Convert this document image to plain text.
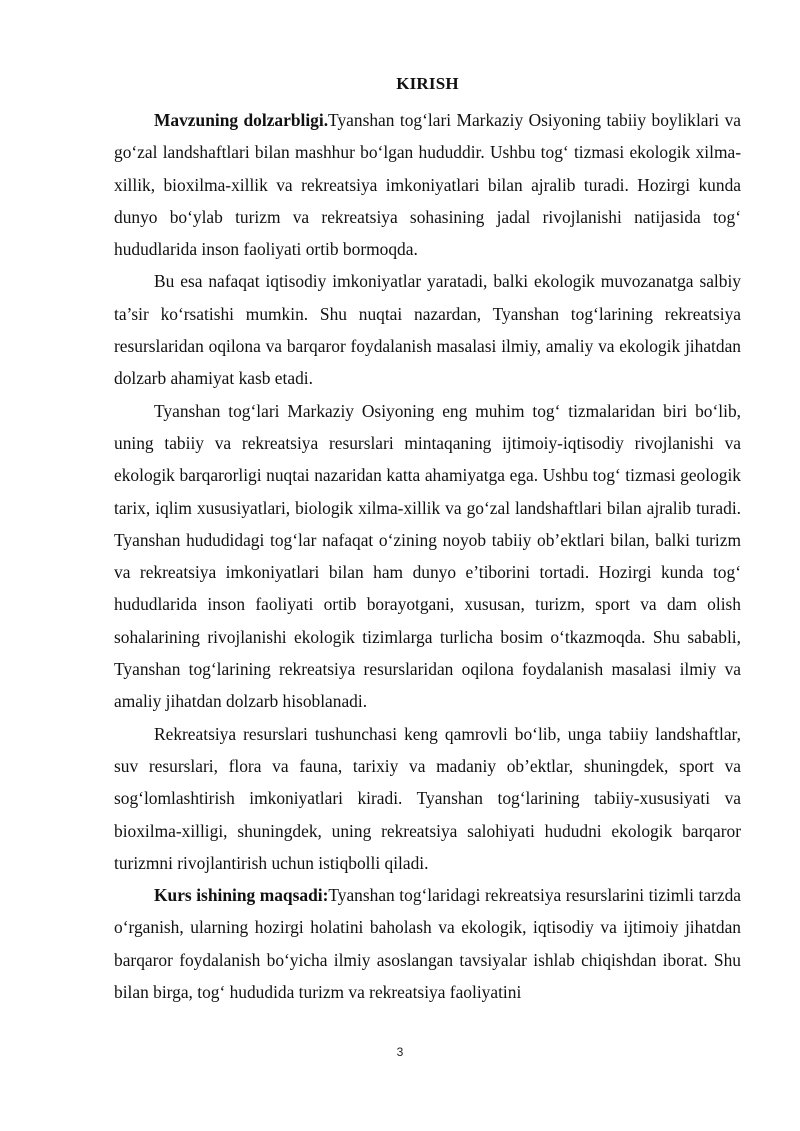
KIRISH

Mavzuning dolzarbligi.Tyanshan tog‘lari Markaziy Osiyoning tabiiy boyliklari va go‘zal landshaftlari bilan mashhur bo‘lgan hududdir. Ushbu tog‘ tizmasi ekologik xilma-xillik, bioxilma-xillik va rekreatsiya imkoniyatlari bilan ajralib turadi. Hozirgi kunda dunyo bo‘ylab turizm va rekreatsiya sohasining jadal rivojlanishi natijasida tog‘ hududlarida inson faoliyati ortib bormoqda.

Bu esa nafaqat iqtisodiy imkoniyatlar yaratadi, balki ekologik muvozanatga salbiy ta’sir ko‘rsatishi mumkin. Shu nuqtai nazardan, Tyanshan tog‘larining rekreatsiya resurslaridan oqilona va barqaror foydalanish masalasi ilmiy, amaliy va ekologik jihatdan dolzarb ahamiyat kasb etadi.

Tyanshan tog‘lari Markaziy Osiyoning eng muhim tog‘ tizmalaridan biri bo‘lib, uning tabiiy va rekreatsiya resurslari mintaqaning ijtimoiy-iqtisodiy rivojlanishi va ekologik barqarorligi nuqtai nazaridan katta ahamiyatga ega. Ushbu tog‘ tizmasi geologik tarix, iqlim xususiyatlari, biologik xilma-xillik va go‘zal landshaftlari bilan ajralib turadi. Tyanshan hududidagi tog‘lar nafaqat o‘zining noyob tabiiy ob’ektlari bilan, balki turizm va rekreatsiya imkoniyatlari bilan ham dunyo e’tiborini tortadi. Hozirgi kunda tog‘ hududlarida inson faoliyati ortib borayotgani, xususan, turizm, sport va dam olish sohalarining rivojlanishi ekologik tizimlarga turlicha bosim o‘tkazmoqda. Shu sababli, Tyanshan tog‘larining rekreatsiya resurslaridan oqilona foydalanish masalasi ilmiy va amaliy jihatdan dolzarb hisoblanadi.

Rekreatsiya resurslari tushunchasi keng qamrovli bo‘lib, unga tabiiy landshaftlar, suv resurslari, flora va fauna, tarixiy va madaniy ob’ektlar, shuningdek, sport va sog‘lomlashtirish imkoniyatlari kiradi. Tyanshan tog‘larining tabiiy-xususiyati va bioxilma-xilligi, shuningdek, uning rekreatsiya salohiyati hududni ekologik barqaror turizmni rivojlantirish uchun istiqbolli qiladi.

Kurs ishining maqsadi:Tyanshan tog‘laridagi rekreatsiya resurslarini tizimli tarzda o‘rganish, ularning hozirgi holatini baholash va ekologik, iqtisodiy va ijtimoiy jihatdan barqaror foydalanish bo‘yicha ilmiy asoslangan tavsiyalar ishlab chiqishdan iborat. Shu bilan birga, tog‘ hududida turizm va rekreatsiya faoliyatini

3
